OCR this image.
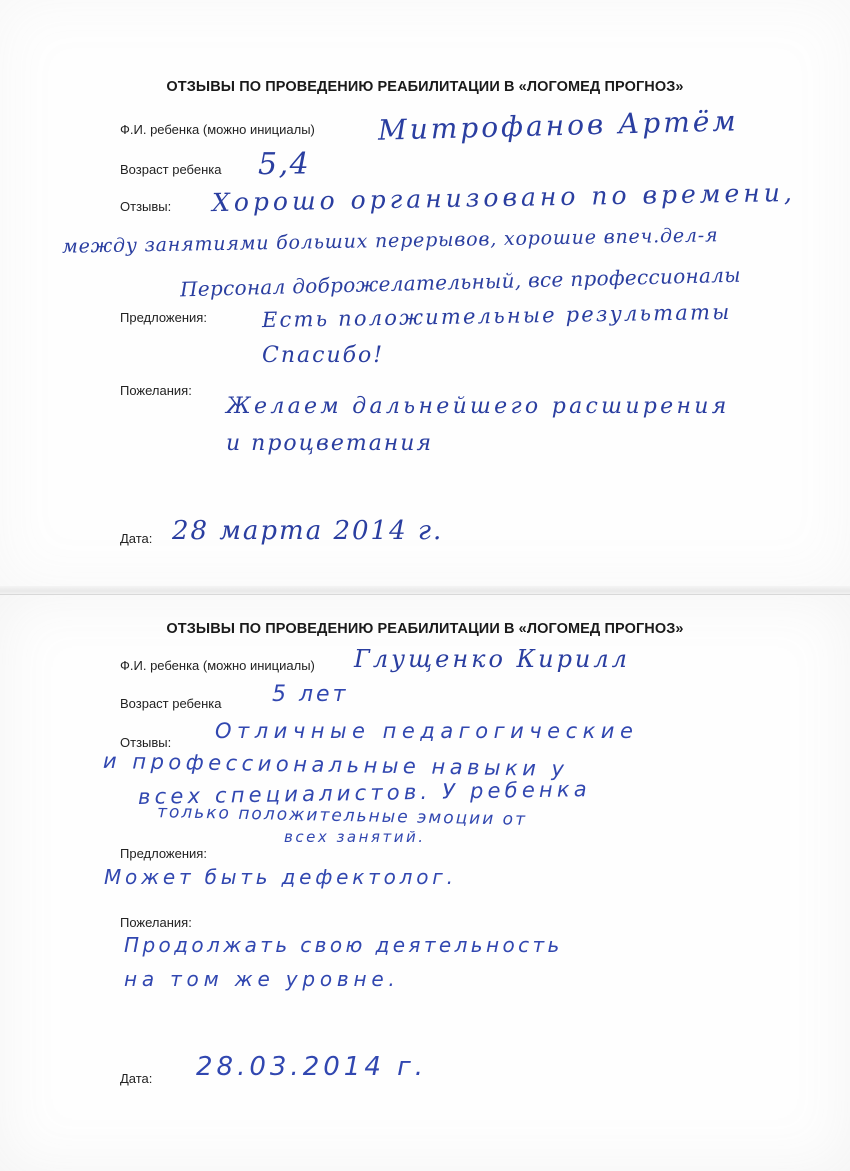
ОТЗЫВЫ ПО ПРОВЕДЕНИЮ РЕАБИЛИТАЦИИ В «ЛОГОМЕД ПРОГНОЗ»
Ф.И. ребенка (можно инициалы) Митрофанов Артём
Возраст ребенка 5,4
Отзывы: Хорошо организовано по времени,
между занятиями больших перерывов, хорошие впеч.дел-я
Персонал доброжелательный, все профессионалы
Предложения:	Есть положительные результаты
Спасибо!
Пожелания:
Желаем дальнейшего расширения
и процветания
Дата: 28 марта 2014 г.
ОТЗЫВЫ ПО ПРОВЕДЕНИЮ РЕАБИЛИТАЦИИ В «ЛОГОМЕД ПРОГНОЗ»
Ф.И. ребенка (можно инициалы) Глущенко Кирилл
Возраст ребенка 5 лет
Отзывы: Отличные педагогические
и профессиональные навыки у
всех специалистов. У ребенка
только положительные эмоции от
всех занятий.
Предложения:
Может быть дефектолог.
Пожелания:
Продолжать свою деятельность
на том же уровне.
Дата: 28.03.2014 г.
